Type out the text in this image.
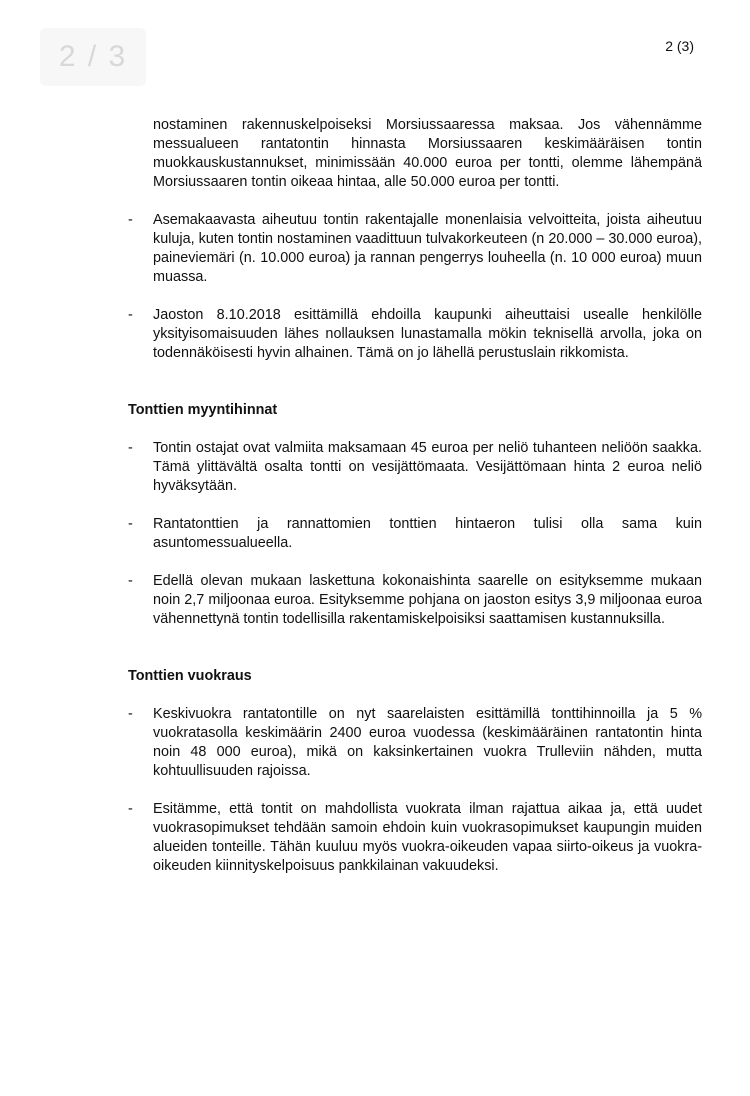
2 / 3	2 (3)

nostaminen rakennuskelpoiseksi Morsiussaaressa maksaa. Jos vähennämme messualueen rantatontin hinnasta Morsiussaaren keskimääräisen tontin muokkauskustannukset, minimissään 40.000 euroa per tontti, olemme lähempänä Morsiussaaren tontin oikeaa hintaa, alle 50.000 euroa per tontti.

- Asemakaavasta aiheutuu tontin rakentajalle monenlaisia velvoitteita, joista aiheutuu kuluja, kuten tontin nostaminen vaadittuun tulvakorkeuteen (n 20.000 – 30.000 euroa), paineviemäri (n. 10.000 euroa) ja rannan pengerrys louheella (n. 10 000 euroa) muun muassa.
- Jaoston 8.10.2018 esittämillä ehdoilla kaupunki aiheuttaisi usealle henkilölle yksityisomaisuuden lähes nollauksen lunastamalla mökin teknisellä arvolla, joka on todennäköisesti hyvin alhainen. Tämä on jo lähellä perustuslain rikkomista.
Tonttien myyntihinnat
- Tontin ostajat ovat valmiita maksamaan 45 euroa per neliö tuhanteen neliöön saakka. Tämä ylittävältä osalta tontti on vesijättömaata. Vesijättömaan hinta 2 euroa neliö hyväksytään.
- Rantatonttien ja rannattomien tonttien hintaeron tulisi olla sama kuin asuntomessualueella.
- Edellä olevan mukaan laskettuna kokonaishinta saarelle on esityksemme mukaan noin 2,7 miljoonaa euroa. Esityksemme pohjana on jaoston esitys 3,9 miljoonaa euroa vähennettynä tontin todellisilla rakentamiskelpoisiksi saattamisen kustannuksilla.
Tonttien vuokraus
- Keskivuokra rantatontille on nyt saarelaisten esittämillä tonttihinnoilla ja 5 % vuokratasolla keskimäärin 2400 euroa vuodessa (keskimääräinen rantatontin hinta noin 48 000 euroa), mikä on kaksinkertainen vuokra Trulleviin nähden, mutta kohtuullisuuden rajoissa.
- Esitämme, että tontit on mahdollista vuokrata ilman rajattua aikaa ja, että uudet vuokrasopimukset tehdään samoin ehdoin kuin vuokrasopimukset kaupungin muiden alueiden tonteille. Tähän kuuluu myös vuokra-oikeuden vapaa siirto-oikeus ja vuokra-oikeuden kiinnityskelpoisuus pankkilainan vakuudeksi.
